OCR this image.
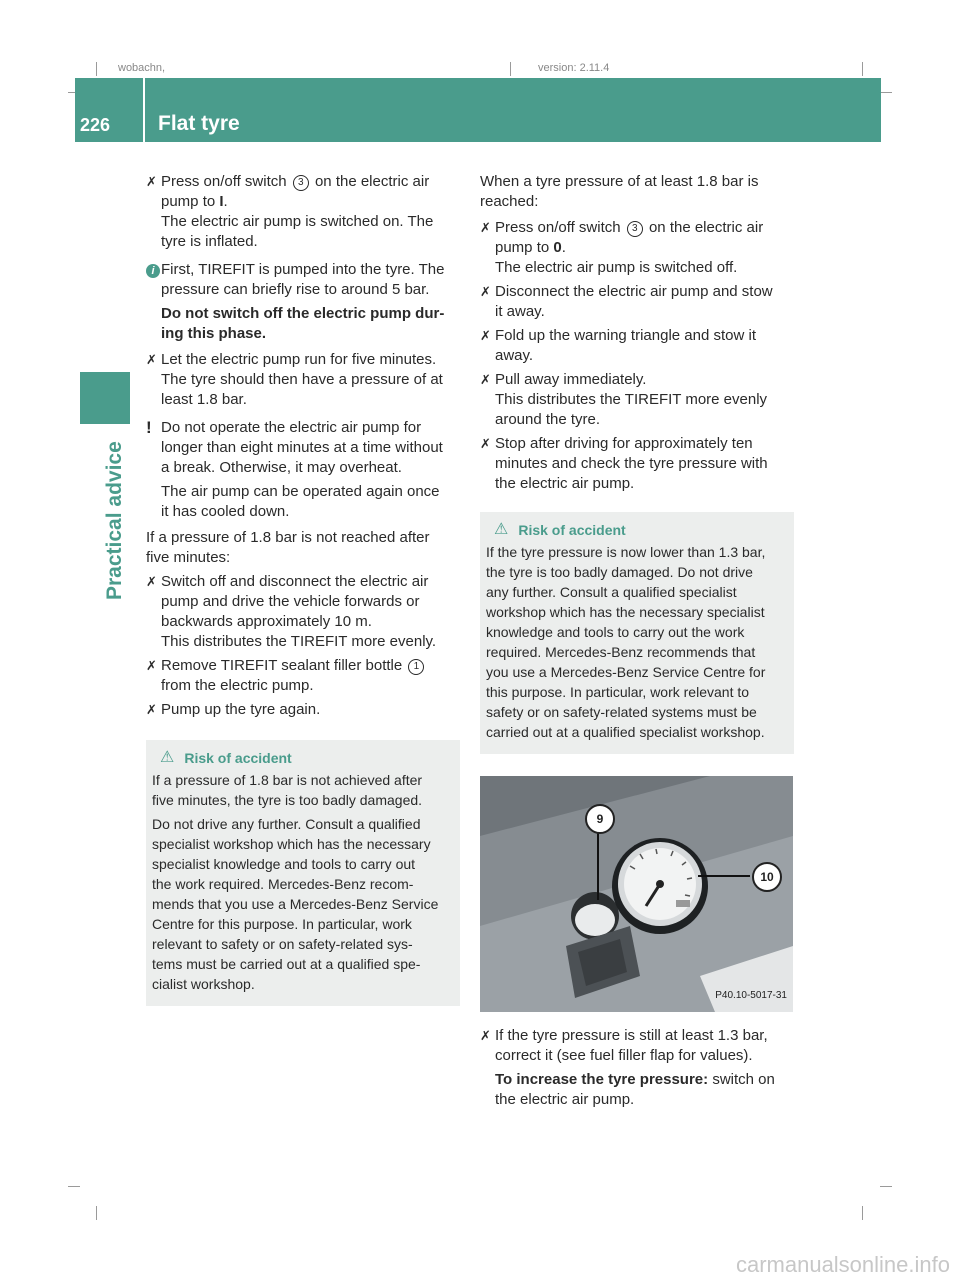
wobachn,	version: 2.11.4
226 Flat tyre
Practical advice
✗ Press on/off switch 3 on the electric air
pump to I.
The electric air pump is switched on. The
tyre is inflated.
i First, TIREFIT is pumped into the tyre. The
pressure can briefly rise to around 5 bar.
Do not switch off the electric pump dur-
ing this phase.
✗ Let the electric pump run for five minutes.
The tyre should then have a pressure of at
least 1.8 bar.
! Do not operate the electric air pump for
longer than eight minutes at a time without
a break. Otherwise, it may overheat.
The air pump can be operated again once
it has cooled down.
If a pressure of 1.8 bar is not reached after
five minutes:
✗ Switch off and disconnect the electric air
pump and drive the vehicle forwards or
backwards approximately 10 m.
This distributes the TIREFIT more evenly.
✗ Remove TIREFIT sealant filler bottle 1
from the electric pump.
✗ Pump up the tyre again.
⚠ Risk of accident

If a pressure of 1.8 bar is not achieved after
five minutes, the tyre is too badly damaged.

Do not drive any further. Consult a qualified
specialist workshop which has the necessary
specialist knowledge and tools to carry out
the work required. Mercedes-Benz recom-
mends that you use a Mercedes-Benz Service
Centre for this purpose. In particular, work
relevant to safety or on safety-related sys-
tems must be carried out at a qualified spe-
cialist workshop.

When a tyre pressure of at least 1.8 bar is
reached:
✗ Press on/off switch 3 on the electric air
pump to 0.
The electric air pump is switched off.
✗ Disconnect the electric air pump and stow
it away.
✗ Fold up the warning triangle and stow it
away.
✗ Pull away immediately.
This distributes the TIREFIT more evenly
around the tyre.
✗ Stop after driving for approximately ten
minutes and check the tyre pressure with
the electric air pump.
⚠ Risk of accident

If the tyre pressure is now lower than 1.3 bar,
the tyre is too badly damaged. Do not drive
any further. Consult a qualified specialist
workshop which has the necessary specialist
knowledge and tools to carry out the work
required. Mercedes-Benz recommends that
you use a Mercedes-Benz Service Centre for
this purpose. In particular, work relevant to
safety or on safety-related systems must be
carried out at a qualified specialist workshop.

9
10
P40.10-5017-31
✗ If the tyre pressure is still at least 1.3 bar,
correct it (see fuel filler flap for values).
To increase the tyre pressure: switch on
the electric air pump.
carmanualsonline.info
